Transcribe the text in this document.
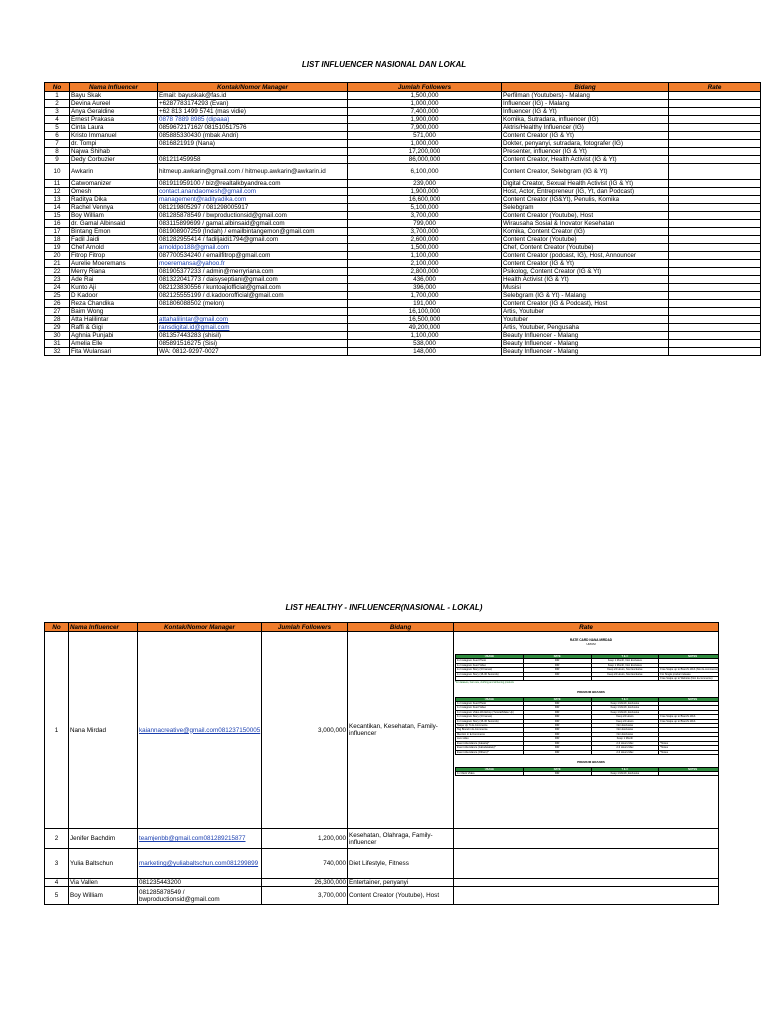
LIST INFLUENCER NASIONAL DAN LOKAL
No	Nama Influencer	Kontak/Nomor Manager	Jumlah Followers	Bidang	Rate
1	Bayu Skak	Email: bayuskak@fas.id	1,500,000	Perfilman (Youtubers) - Malang	
2	Devina Aureel	+6287783174293 (Evan)	1,000,000	Influencer (IG) - Malang	
3	Anya Geraldine	+62 813 1499 5741 (mas vidie)	7,400,000	Influencer (IG & Yt)	
4	Ernest Prakasa	0878 7889 8985 (dipaaa)	1,900,000	Komika, Sutradara, influencer (IG)	
5	Cinta Laura	085967217162/ 081510517576	7,900,000	Aktris/Healthy Influencer (IG)	
6	Kristo Immanuel	085885330430 (mbak Andri)	571,000	Content Creator (IG & Yt)	
7	dr. Tompi	0816821919 (Nana)	1,000,000	Dokter, penyanyi, sutradara, fotografer (IG)	
8	Najwa Shihab		17,200,000	Presenter, influencer (IG & Yt)	
9	Dedy Corbuzier	081211459958	86,000,000	Content Creator, Health Activist (IG & Yt)	
10	Awkarin	hitmeup.awkarin@gmail.com / hitmeup.awkarin@awkarin.id	6,100,000	Content Creator, Selebgram (IG & Yt)	
11	Catwomanizer	081911959100 / biz@realtalkbyandrea.com	239,000	Digital Creator, Sexual Health Activist (IG & Yt)	
12	Omesh	contact.anandaomesh@gmail.com	1,900,000	Host, Actor, Entrepreneur (IG, Yt, dan Podcast)	
13	Raditya Dika	management@radityadika.com	16,600,000	Content Creator (IG&Yt), Penulis, Komika	
14	Rachel Vennya	081219805297 / 081298005917	5,100,000	Selebgram	
15	Boy William	081285878549 / bwproductionsid@gmail.com	3,700,000	Content Creator (Youtube), Host	
16	dr. Gamal Albinsaid	083115899699 / gamal.albinsaid@gmail.com	799,000	Wirausaha Sosial & Inovator Kesehatan	
17	Bintang Emon	081908907259 (Indah) / emailbintangemon@gmail.com	3,700,000	Komika, Content Creator (IG)	
18	Fadil Jaidi	081282955414 / fadiljaidi1794@gmail.com	2,600,000	Content Creator (Youtube)	
19	Chef Arnold	arnoldpo188@gmail.com	1,500,000	Chef, Content Creator (Youtube)	
20	Fitrop Fitrop	087700534240 / emailfitrop@gmail.com	1,100,000	Content Creator (podcast, IG), Host, Announcer	
21	Aurelie Moeremans	moeremansa@yahoo.fr	2,100,000	Content Creator (IG & Yt)	
22	Merry Riana	081905377233 / admin@merryriana.com	2,800,000	Psikolog, Content Creator (IG & Yt)	
23	Ade Rai	081322041773 / daisyseptiani@gmail.com	436,000	Health Activist (IG & Yt)	
24	Kunto Aji	082123830556 / kuntoajiofficial@gmail.com	396,000	Musisi	
25	D Kadoor	082125555199 / d.kadoorofficial@gmail.com	1,700,000	Selebgram (IG & Yt) - Malang	
26	Reza Chandika	081806088502 (melon)	191,000	Content Creator (IG & Podcast), Host	
27	Baim Wong		16,100,000	Artis, Youtuber	
28	Atta Halilintar	attahalilintar@gmail.com	16,500,000	Youtuber	
29	Raffi & Gigi	ransdigital.id@gmail.com	49,200,000	Artis, Youtuber, Pengusaha	
30	Aghnia Punjabi	081357443283 (shisil)	1,100,000	Beauty Influencer - Malang	
31	Amelia Elle	085891516275 (Sisi)	538,000	Beauty Influencer - Malang	
32	Fita Wulansari	WA: 0812-9297-0027	148,000	Beauty Influencer - Malang	
LIST HEALTHY - INFLUENCER(NASIONAL - LOKAL)
No	Nama Influencer	Kontak/Nomor Manager	Jumlah Followers	Bidang	Rate
1	Nana Mirdad	kaiannacreative@gmail.com081237150005	3,000,000	Kecantikan, Kesehatan, Family-influencer	
RATE CARD NANA MIRDAD
UMUM
USAGE	RATE	T & C	NOTES
1x Instagram Feed Photo	IDR	Keep 1 Month, Non Exclusive	
1x Instagram Feed Video	IDR	Keep 1 Month, Non Exclusive	
1x Instagram Story (3 Frames)	IDR	Keep 24 Hours, Non Exclusive	Free Swipe up to Brand's Web (Non E-commerce)
1x Instagram Story (15-30 Seconds)	IDR	Keep 24 Hours, Non Exclusive	For Single product release
			Free Swipe up to Website (Non E-commerce)
*for datasets, hair care, clothing and whitening products
PREMIUM BRANDS
USAGE	RATE	T & C	NOTES
1x Instagram Feed Photo	IDR	Keep 1 Month, Exclusive	
1x Instagram Feed Video	IDR	Keep 1 Month, Exclusive	
1x Instagram Video Workshop (Tutorial/Make Up)	IDR	Keep 1 Month, Exclusive	
1x Instagram Story (3 Frames)	IDR	Keep 24 Hours	Free Swipe up to Brand's Web
1x Instagram Story (15-30 Seconds)	IDR	Keep 24 Hours	Free Swipe up to Brand's Web
Swipe Up To E-Commerce	IDR	Non Exclusive	
Tag Brand in E-Commerce	IDR	Non Exclusive	
Mention in E-Commerce	IDR	Non Exclusive	
Live video	IDR	Keep 1 Month	
Event Attendance (Jakarta)*	IDR	2-3 Hours Max	*Notes
Event Attendance (Jabodetabek)*	IDR	2-3 Hours Max	*Notes
Event Attendance (Others)*	IDR	2-3 Hours Max	*Notes
PREMIUM BRANDS
USAGE	RATE	T & C	NOTES
1x Client Video	IDR	Keep 1 Month, Exclusive	

2	Jenifer Bachdim	teamjenbb@gmail.com081289215877	1,200,000	Kesehatan, Olahraga, Family-influencer	
3	Yulia Baltschun	marketing@yuliabaltschun.com081299899	740,000	Diet Lifestyle, Fitness	
4	Via Vallen	081235443200	26,300,000	Entertainer, penyanyi	
5	Boy William	081285878549 / bwproductionsid@gmail.com	3,700,000	Content Creator (Youtube), Host	
